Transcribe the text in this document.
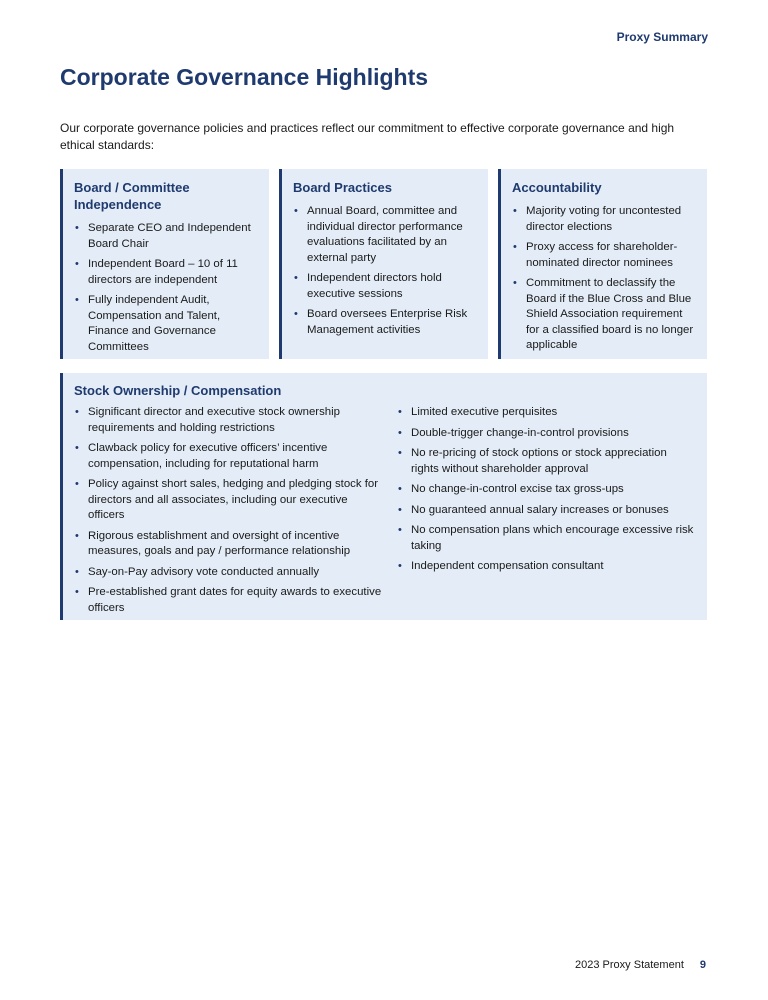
Proxy Summary
Corporate Governance Highlights

Our corporate governance policies and practices reflect our commitment to effective corporate governance and high ethical standards:

Board / Committee Independence
• Separate CEO and Independent Board Chair
• Independent Board – 10 of 11 directors are independent
• Fully independent Audit, Compensation and Talent, Finance and Governance Committees
Board Practices
• Annual Board, committee and individual director performance evaluations facilitated by an external party
• Independent directors hold executive sessions
• Board oversees Enterprise Risk Management activities
Accountability
• Majority voting for uncontested director elections
• Proxy access for shareholder-nominated director nominees
• Commitment to declassify the Board if the Blue Cross and Blue Shield Association requirement for a classified board is no longer applicable
Stock Ownership / Compensation
• Significant director and executive stock ownership requirements and holding restrictions
• Clawback policy for executive officers’ incentive compensation, including for reputational harm
• Policy against short sales, hedging and pledging stock for directors and all associates, including our executive officers
• Rigorous establishment and oversight of incentive measures, goals and pay / performance relationship
• Say-on-Pay advisory vote conducted annually
• Pre-established grant dates for equity awards to executive officers
• Limited executive perquisites
• Double-trigger change-in-control provisions
• No re-pricing of stock options or stock appreciation rights without shareholder approval
• No change-in-control excise tax gross-ups
• No guaranteed annual salary increases or bonuses
• No compensation plans which encourage excessive risk taking
• Independent compensation consultant
2023 Proxy Statement 9
